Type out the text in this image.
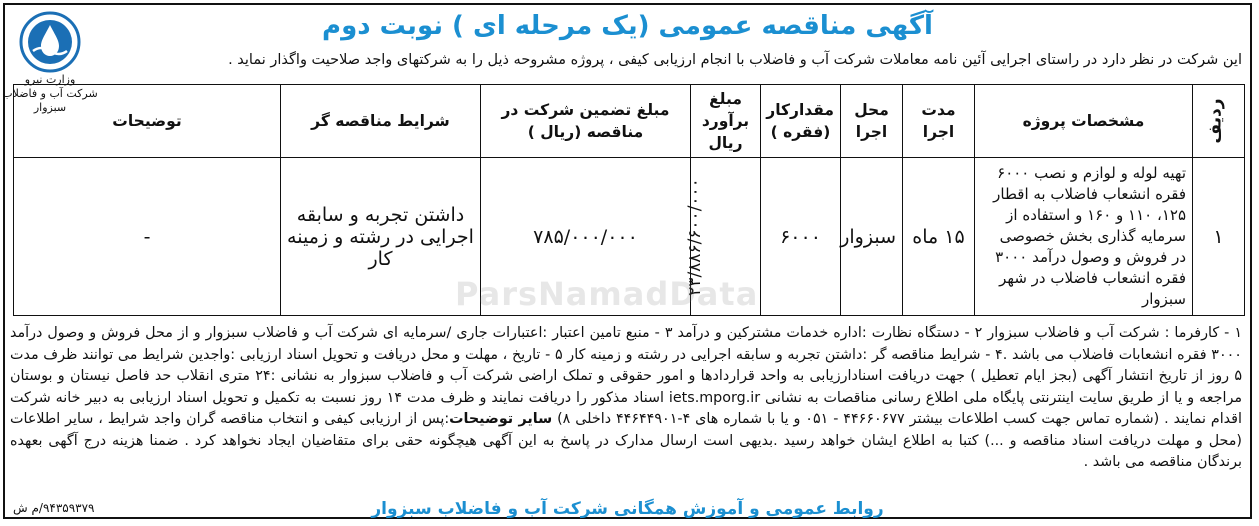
وزارت نیرو
شرکت آب و فاضلاب سبزوار
آگهی مناقصه عمومی (یک مرحله ای ) نوبت دوم
این شرکت در نظر دارد در راستای اجرایی آئین نامه معاملات شرکت آب و فاضلاب با انجام ارزیابی کیفی ، پروژه مشروحه ذیل را به شرکتهای واجد صلاحیت واگذار نماید .
ردیف	مشخصات پروژه	مدت اجرا	محل اجرا	مقدارکار (فقره )	مبلغ برآورد ریال	مبلغ تضمین شرکت در مناقصه (ریال )	شرایط مناقصه گر	توضیحات
۱	تهیه لوله و لوازم و نصب ۶۰۰۰ فقره انشعاب فاضلاب به اقطار ۱۲۵، ۱۱۰ و ۱۶۰ و استفاده از سرمایه گذاری بخش خصوصی در فروش و وصول درآمد ۳۰۰۰ فقره انشعاب فاضلاب در شهر سبزوار	۱۵ ماه	سبزوار	۶۰۰۰	۲۳/۸۸۶/۶۰۰/۰۰۰	۷۸۵/۰۰۰/۰۰۰	داشتن تجربه و سابقه اجرایی در رشته و زمینه کار	-
۱ - کارفرما : شرکت آب و فاضلاب سبزوار ۲ - دستگاه نظارت :اداره خدمات مشترکین و درآمد ۳ - منبع تامین اعتبار :اعتبارات جاری /سرمایه ای شرکت آب و فاضلاب سبزوار و از محل فروش و وصول درآمد ۳۰۰۰ فقره انشعابات فاضلاب می باشد .۴ - شرایط مناقصه گر :داشتن تجربه و سابقه اجرایی در رشته و زمینه کار ۵ - تاریخ ، مهلت و محل دریافت و تحویل اسناد ارزیابی :واجدین شرایط می توانند ظرف مدت ۵ روز از تاریخ انتشار آگهی (بجز ایام تعطیل ) جهت دریافت اسنادارزیابی به واحد قراردادها و امور حقوقی و تملک اراضی شرکت آب و فاضلاب سبزوار به نشانی :۲۴ متری انقلاب حد فاصل نیستان و بوستان مراجعه و یا از طریق سایت اینترنتی پایگاه ملی اطلاع رسانی مناقصات به نشانی iets.mporg.ir اسناد مذکور را دریافت نمایند و ظرف مدت ۱۴ روز نسبت به تکمیل و تحویل اسناد ارزیابی به دبیر خانه شرکت اقدام نمایند . (شماره تماس جهت کسب اطلاعات بیشتر ۴۴۶۶۰۶۷۷ - ۰۵۱ و یا با شماره های ۴-۴۴۶۴۴۹۰۱ داخلی ۸) سایر توضیحات:پس از ارزیابی کیفی و انتخاب مناقصه گران واجد شرایط ، سایر اطلاعات (محل و مهلت دریافت اسناد مناقصه و ...) کتبا به اطلاع ایشان خواهد رسید .بدیهی است ارسال مدارک در پاسخ به این آگهی هیچگونه حقی برای متقاضیان ایجاد نخواهد کرد . ضمنا هزینه درج آگهی بعهده برندگان مناقصه می باشد .
ParsNamadData
روابط عمومی و آموزش همگانی شرکت آب و فاضلاب سبزوار
۹۴۳۵۹۳۷۹/م ش
